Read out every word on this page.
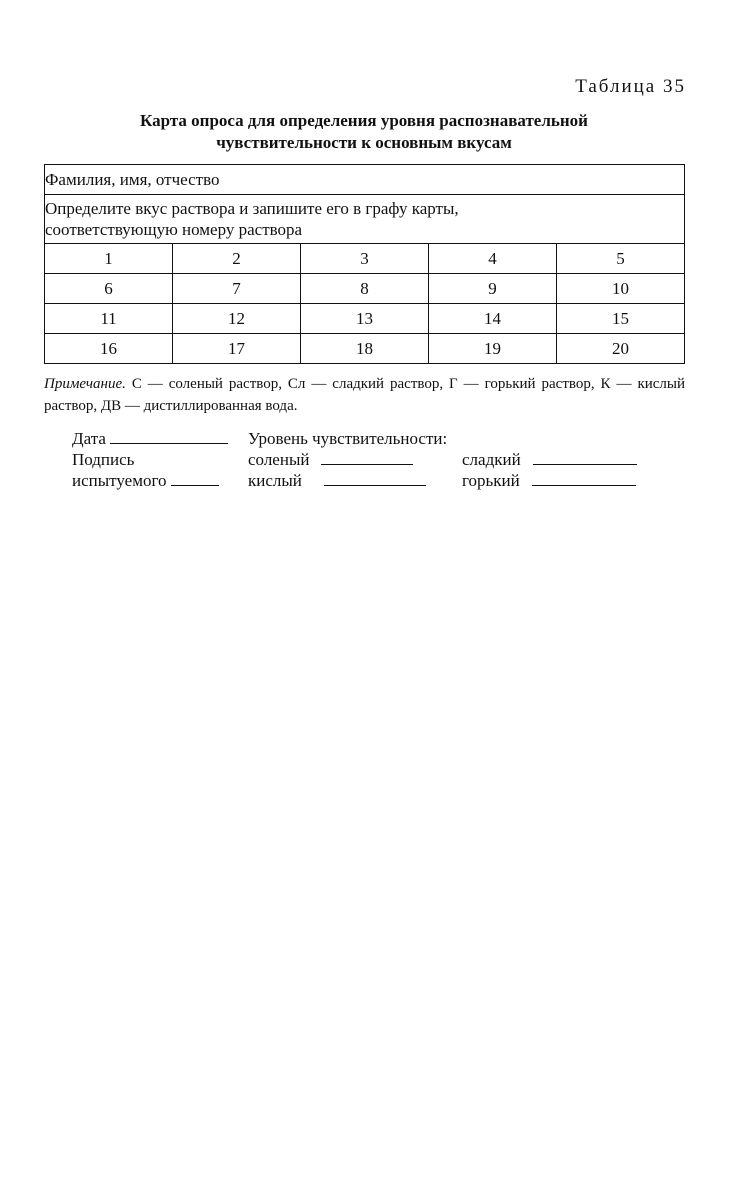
Таблица 35
Карта опроса для определения уровня распознавательной
чувствительности к основным вкусам
Фамилия, имя, отчество				

Определите вкус раствора и запишите его в графу карты,
соответствующую номеру раствора				

1	2	3	4	5
6	7	8	9	10
11	12	13	14	15
16	17	18	19	20
Примечание. С — соленый раствор, Сл — сладкий раствор, Г — горький раствор, К — кислый раствор, ДВ — дистиллированная вода.
Дата	Уровень чувствительности:
Подпись	соленый	сладкий
испытуемого	кислый	горький
